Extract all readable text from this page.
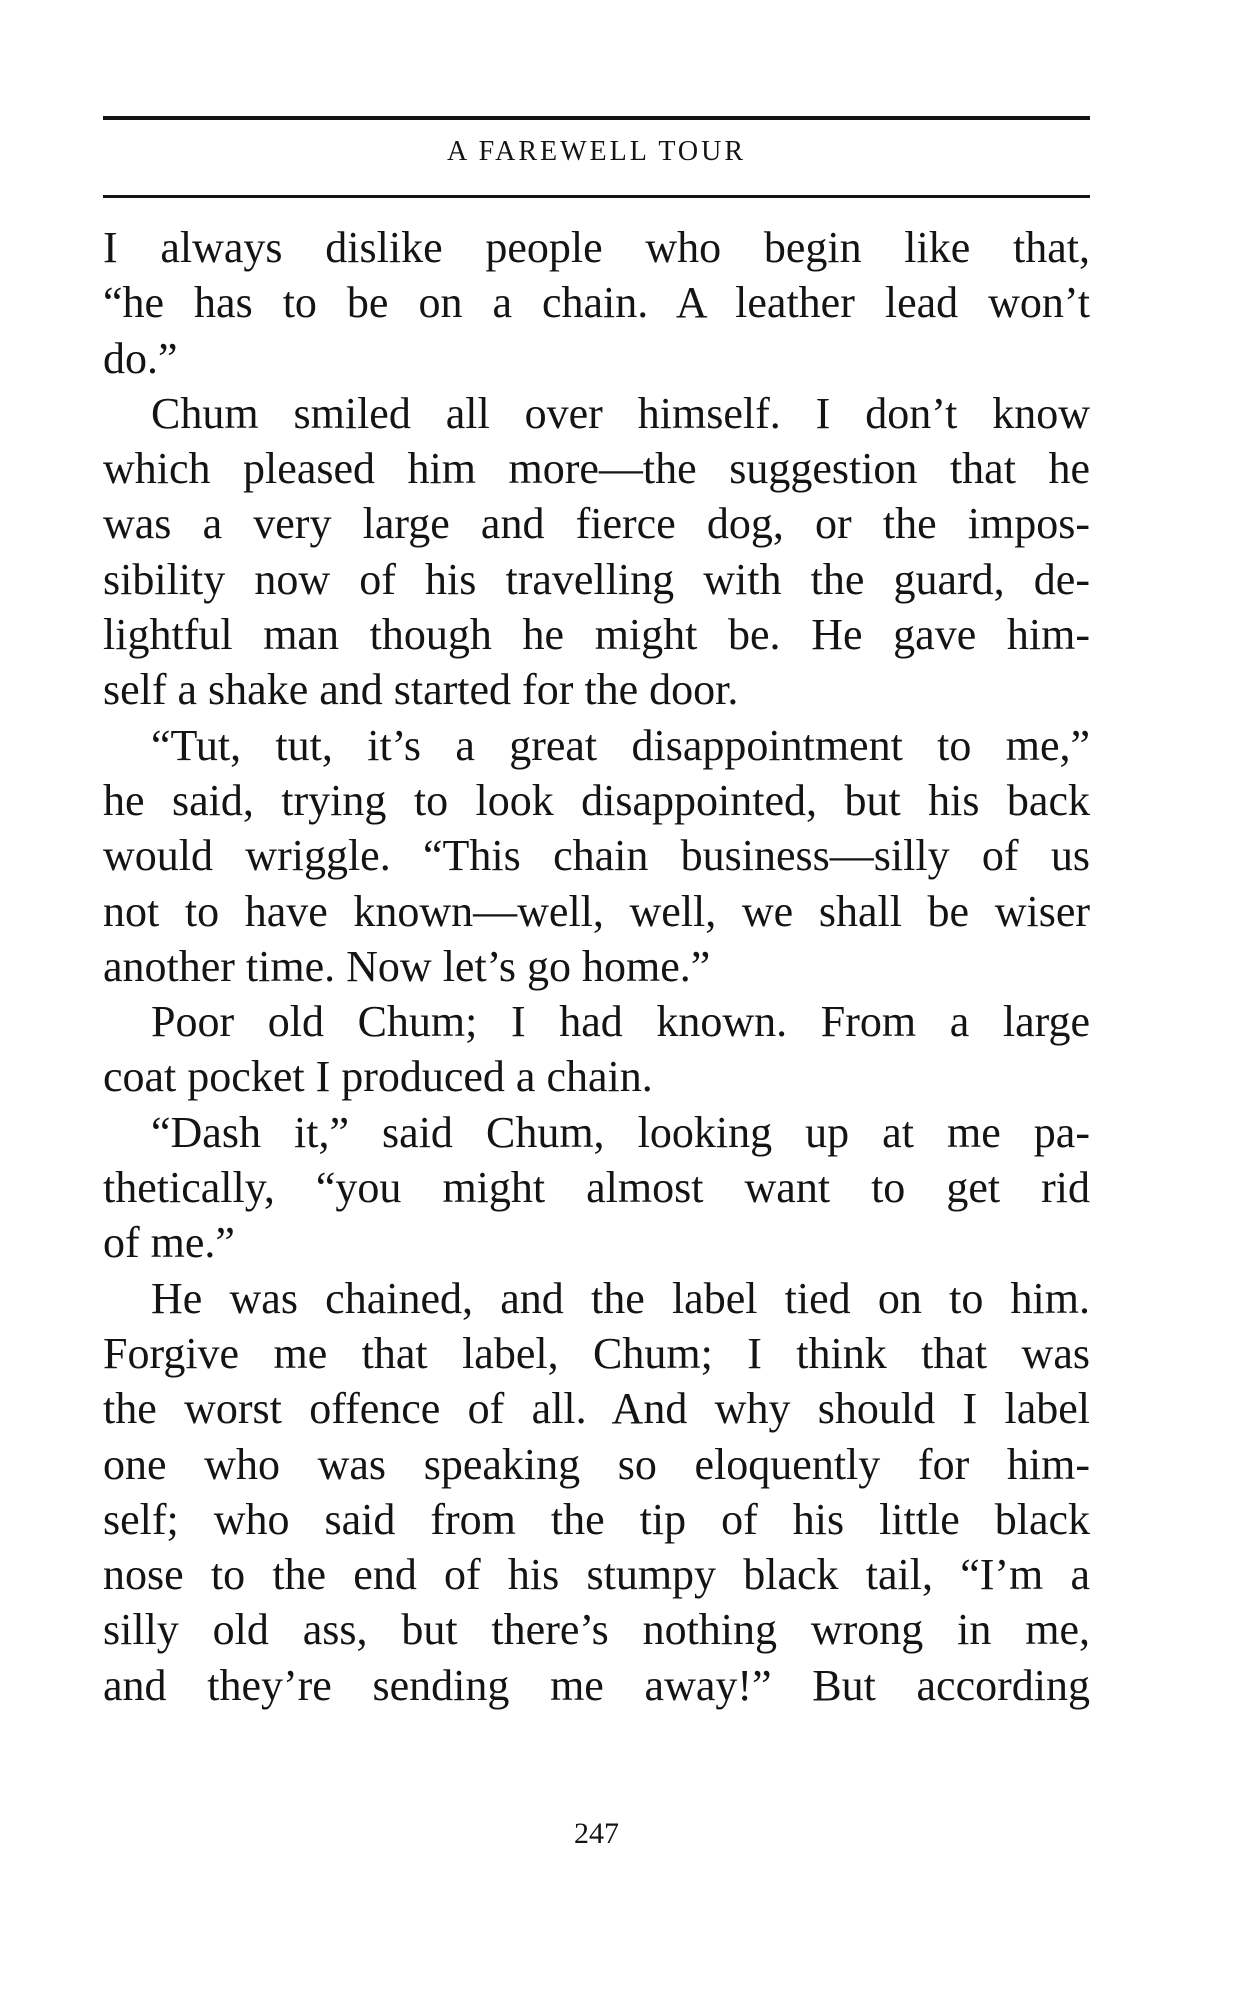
A FAREWELL TOUR
I always dislike people who begin like that,
“he has to be on a chain. A leather lead won’t
do.”
Chum smiled all over himself. I don’t know
which pleased him more—the suggestion that he
was a very large and fierce dog, or the impos-
sibility now of his travelling with the guard, de-
lightful man though he might be. He gave him-
self a shake and started for the door.
“Tut, tut, it’s a great disappointment to me,”
he said, trying to look disappointed, but his back
would wriggle. “This chain business—silly of us
not to have known—well, well, we shall be wiser
another time. Now let’s go home.”
Poor old Chum; I had known. From a large
coat pocket I produced a chain.
“Dash it,” said Chum, looking up at me pa-
thetically, “you might almost want to get rid
of me.”
He was chained, and the label tied on to him.
Forgive me that label, Chum; I think that was
the worst offence of all. And why should I label
one who was speaking so eloquently for him-
self; who said from the tip of his little black
nose to the end of his stumpy black tail, “I’m a
silly old ass, but there’s nothing wrong in me,
and they’re sending me away!” But according
247
